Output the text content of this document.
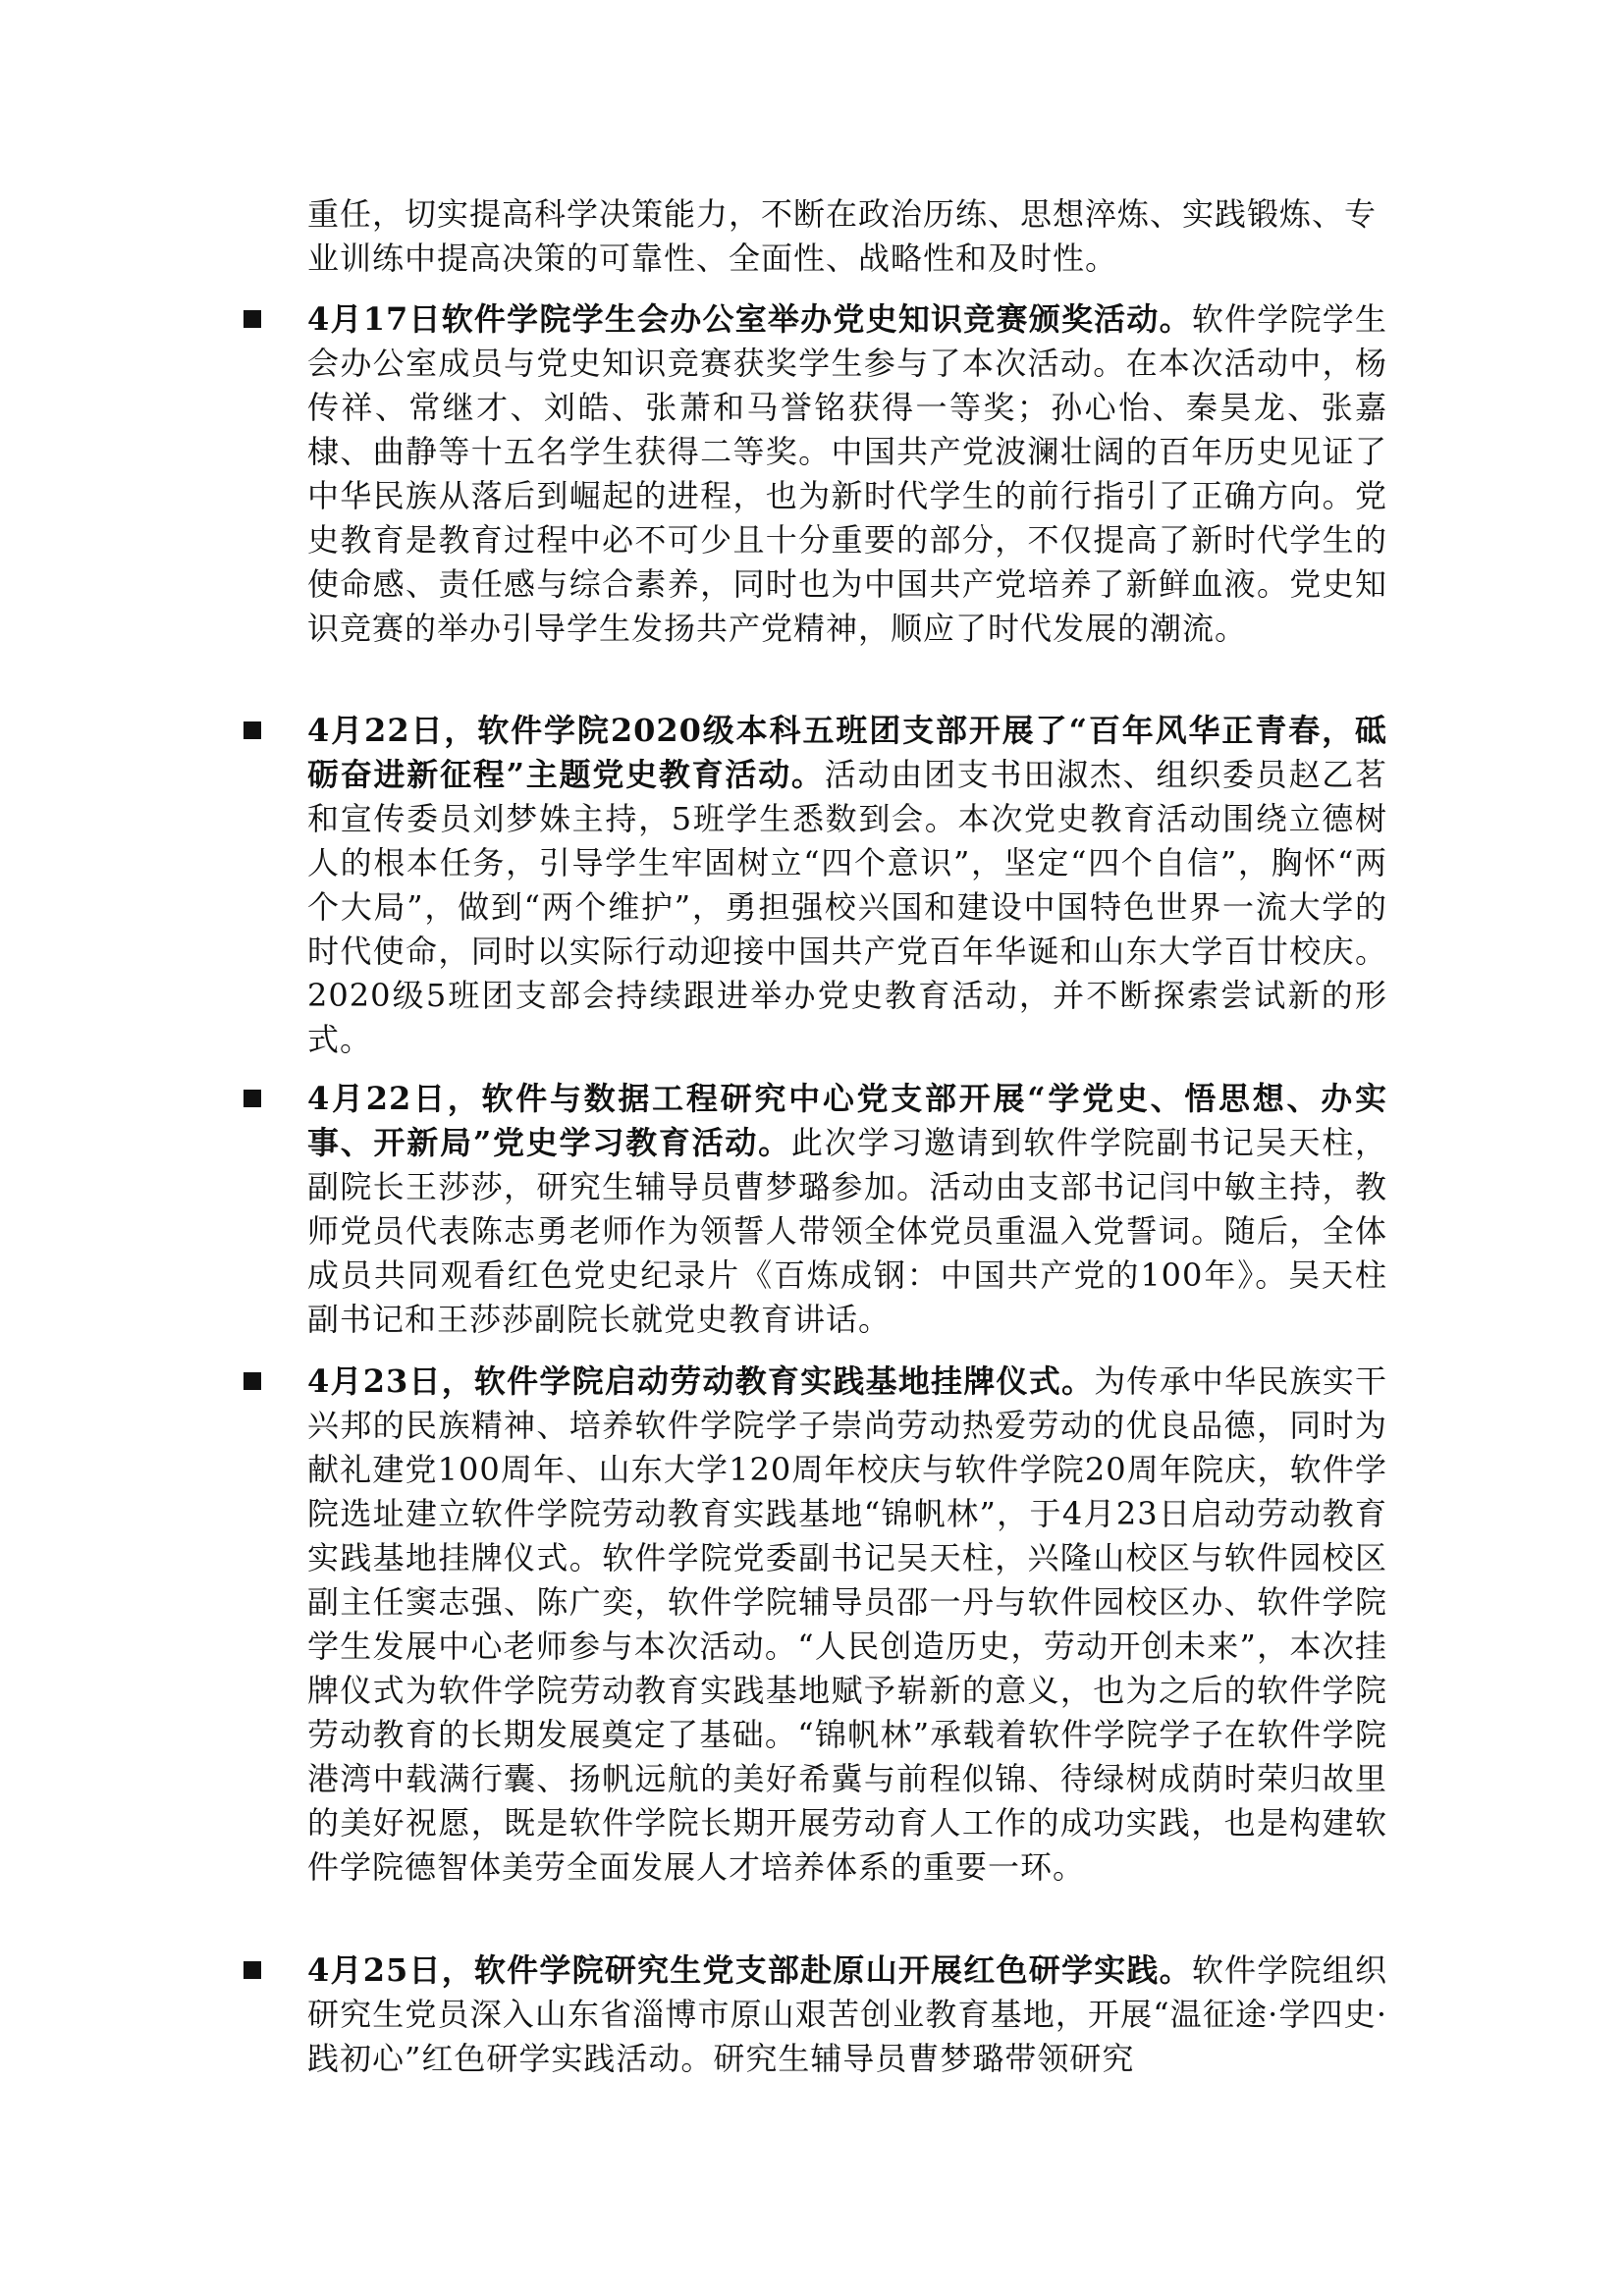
重任，切实提高科学决策能力，不断在政治历练、思想淬炼、实践锻炼、专业训练中提高决策的可靠性、全面性、战略性和及时性。
4月17日软件学院学生会办公室举办党史知识竞赛颁奖活动。软件学院学生会办公室成员与党史知识竞赛获奖学生参与了本次活动。在本次活动中，杨传祥、常继才、刘皓、张萧和马誉铭获得一等奖；孙心怡、秦昊龙、张嘉棣、曲静等十五名学生获得二等奖。中国共产党波澜壮阔的百年历史见证了中华民族从落后到崛起的进程，也为新时代学生的前行指引了正确方向。党史教育是教育过程中必不可少且十分重要的部分，不仅提高了新时代学生的使命感、责任感与综合素养，同时也为中国共产党培养了新鲜血液。党史知识竞赛的举办引导学生发扬共产党精神，顺应了时代发展的潮流。
4月22日，软件学院2020级本科五班团支部开展了“百年风华正青春，砥砺奋进新征程”主题党史教育活动。活动由团支书田淑杰、组织委员赵乙茗和宣传委员刘梦姝主持，5班学生悉数到会。本次党史教育活动围绕立德树人的根本任务，引导学生牢固树立“四个意识”，坚定“四个自信”，胸怀“两个大局”，做到“两个维护”，勇担强校兴国和建设中国特色世界一流大学的时代使命，同时以实际行动迎接中国共产党百年华诞和山东大学百廿校庆。2020级5班团支部会持续跟进举办党史教育活动，并不断探索尝试新的形式。
4月22日，软件与数据工程研究中心党支部开展“学党史、悟思想、办实事、开新局”党史学习教育活动。此次学习邀请到软件学院副书记吴天柱，副院长王莎莎，研究生辅导员曹梦璐参加。活动由支部书记闫中敏主持，教师党员代表陈志勇老师作为领誓人带领全体党员重温入党誓词。随后，全体成员共同观看红色党史纪录片《百炼成钢：中国共产党的100年》。吴天柱副书记和王莎莎副院长就党史教育讲话。
4月23日，软件学院启动劳动教育实践基地挂牌仪式。为传承中华民族实干兴邦的民族精神、培养软件学院学子崇尚劳动热爱劳动的优良品德，同时为献礼建党100周年、山东大学120周年校庆与软件学院20周年院庆，软件学院选址建立软件学院劳动教育实践基地“锦帆林”，于4月23日启动劳动教育实践基地挂牌仪式。软件学院党委副书记吴天柱，兴隆山校区与软件园校区副主任窦志强、陈广奕，软件学院辅导员邵一丹与软件园校区办、软件学院学生发展中心老师参与本次活动。“人民创造历史，劳动开创未来”，本次挂牌仪式为软件学院劳动教育实践基地赋予崭新的意义，也为之后的软件学院劳动教育的长期发展奠定了基础。“锦帆林”承载着软件学院学子在软件学院港湾中载满行囊、扬帆远航的美好希冀与前程似锦、待绿树成荫时荣归故里的美好祝愿，既是软件学院长期开展劳动育人工作的成功实践，也是构建软件学院德智体美劳全面发展人才培养体系的重要一环。
4月25日，软件学院研究生党支部赴原山开展红色研学实践。软件学院组织研究生党员深入山东省淄博市原山艰苦创业教育基地，开展“温征途·学四史·践初心”红色研学实践活动。研究生辅导员曹梦璐带领研究
